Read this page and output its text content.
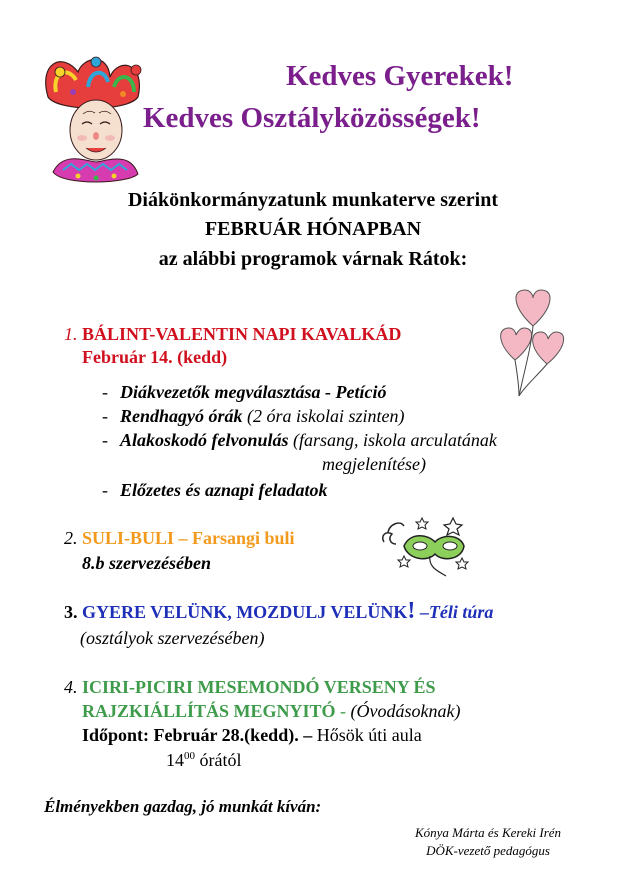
Kedves Gyerekek!
Kedves Osztályközösségek!
Diákönkormányzatunk munkaterve szerint
FEBRUÁR HÓNAPBAN
az alábbi programok várnak Rátok:
1. BÁLINT-VALENTIN NAPI KAVALKÁD
Február 14. (kedd)
- Diákvezetők megválasztása - Petíció
- Rendhagyó órák (2 óra iskolai szinten)
- Alakoskodó felvonulás (farsang, iskola arculatának
megjelenítése)
- Előzetes és aznapi feladatok
2. SULI-BULI – Farsangi buli
8.b szervezésében
3. GYERE VELÜNK, MOZDULJ VELÜNK! –Téli túra
(osztályok szervezésében)
4. ICIRI-PICIRI MESEMONDÓ VERSENY ÉS
RAJZKIÁLLÍTÁS MEGNYITÓ - (Óvodásoknak)
Időpont: Február 28.(kedd). – Hősök úti aula
$14^{00}$ órától
Élményekben gazdag, jó munkát kíván:
Kónya Márta és Kereki Irén
DÖK-vezető pedagógus
